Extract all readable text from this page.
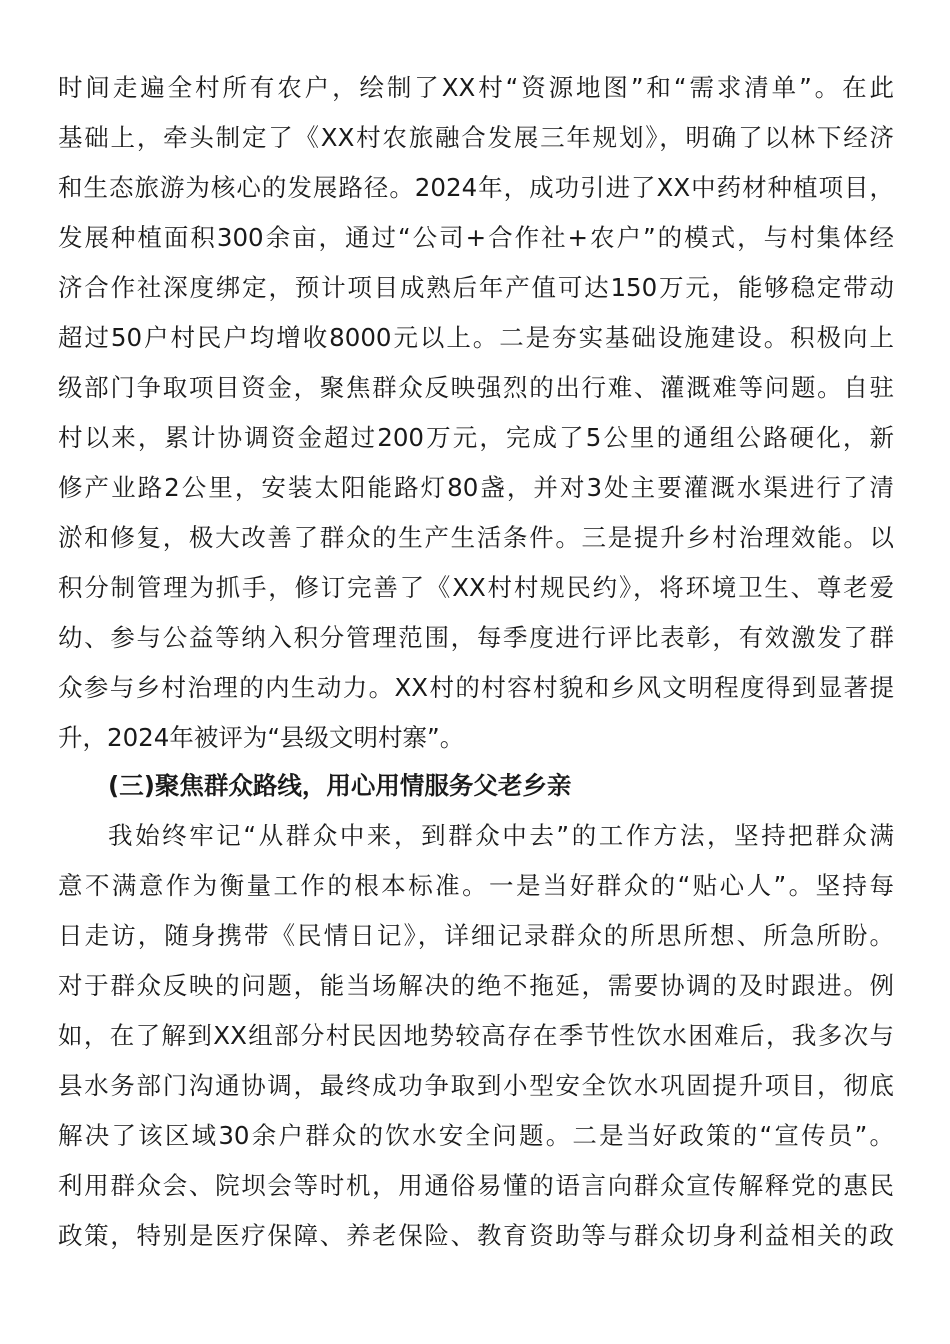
时间走遍全村所有农户，绘制了XX村“资源地图”和“需求清单”。在此
基础上，牵头制定了《XX村农旅融合发展三年规划》，明确了以林下经济
和生态旅游为核心的发展路径。2024年，成功引进了XX中药材种植项目，
发展种植面积300余亩，通过“公司+合作社+农户”的模式，与村集体经
济合作社深度绑定，预计项目成熟后年产值可达150万元，能够稳定带动
超过50户村民户均增收8000元以上。二是夯实基础设施建设。积极向上
级部门争取项目资金，聚焦群众反映强烈的出行难、灌溉难等问题。自驻
村以来，累计协调资金超过200万元，完成了5公里的通组公路硬化，新
修产业路2公里，安装太阳能路灯80盏，并对3处主要灌溉水渠进行了清
淤和修复，极大改善了群众的生产生活条件。三是提升乡村治理效能。以
积分制管理为抓手，修订完善了《XX村村规民约》，将环境卫生、尊老爱
幼、参与公益等纳入积分管理范围，每季度进行评比表彰，有效激发了群
众参与乡村治理的内生动力。XX村的村容村貌和乡风文明程度得到显著提
升，2024年被评为“县级文明村寨”。
(三)聚焦群众路线，用心用情服务父老乡亲
我始终牢记“从群众中来，到群众中去”的工作方法，坚持把群众满
意不满意作为衡量工作的根本标准。一是当好群众的“贴心人”。坚持每
日走访，随身携带《民情日记》，详细记录群众的所思所想、所急所盼。
对于群众反映的问题，能当场解决的绝不拖延，需要协调的及时跟进。例
如，在了解到XX组部分村民因地势较高存在季节性饮水困难后，我多次与
县水务部门沟通协调，最终成功争取到小型安全饮水巩固提升项目，彻底
解决了该区域30余户群众的饮水安全问题。二是当好政策的“宣传员”。
利用群众会、院坝会等时机，用通俗易懂的语言向群众宣传解释党的惠民
政策，特别是医疗保障、养老保险、教育资助等与群众切身利益相关的政
